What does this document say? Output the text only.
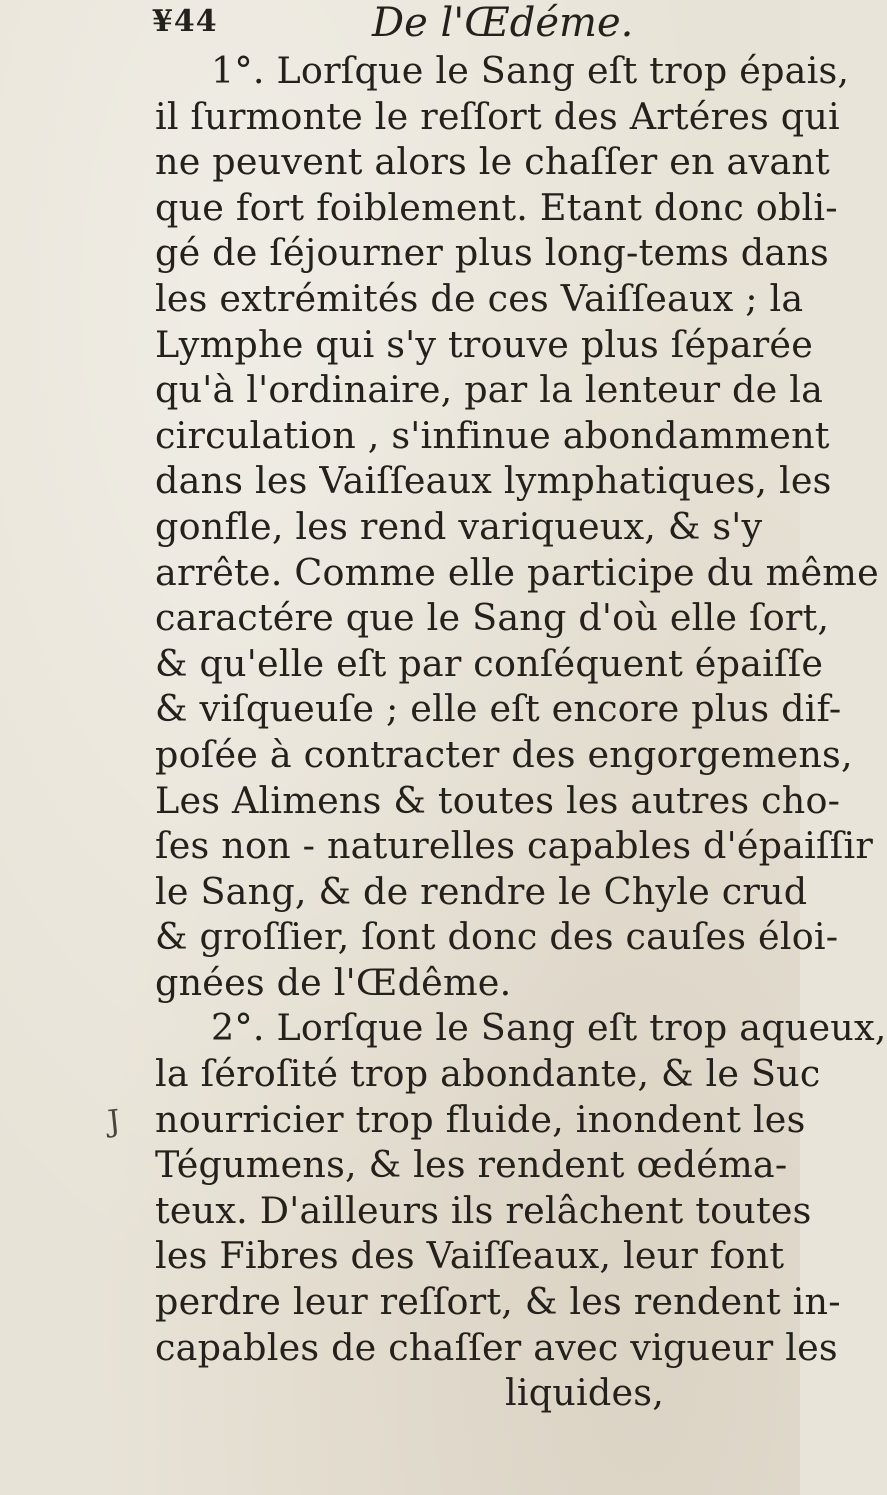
¥44	De l'Œdéme.
J
1°. Lorſque le Sang eſt trop épais,
il ſurmonte le reſſort des Artéres qui
ne peuvent alors le chaſſer en avant
que fort foiblement. Etant donc obli-
gé de ſéjourner plus long-tems dans
les extrémités de ces Vaiſſeaux ; la
Lymphe qui s'y trouve plus ſéparée
qu'à l'ordinaire, par la lenteur de la
circulation , s'infinue abondamment
dans les Vaiſſeaux lymphatiques, les
gonfle, les rend variqueux, & s'y
arrête. Comme elle participe du même
caractére que le Sang d'où elle ſort,
& qu'elle eſt par conſéquent épaiſſe
& viſqueuſe ; elle eſt encore plus dif-
poſée à contracter des engorgemens,
Les Alimens & toutes les autres cho-
ſes non - naturelles capables d'épaiſſir
le Sang, & de rendre le Chyle crud
& groſſier, ſont donc des cauſes éloi-
gnées de l'Œdême.
2°. Lorſque le Sang eſt trop aqueux,
la ſéroſité trop abondante, & le Suc
nourricier trop fluide, inondent les
Tégumens, & les rendent œdéma-
teux. D'ailleurs ils relâchent toutes
les Fibres des Vaiſſeaux, leur font
perdre leur reſſort, & les rendent in-
capables de chaſſer avec vigueur les
liquides,
